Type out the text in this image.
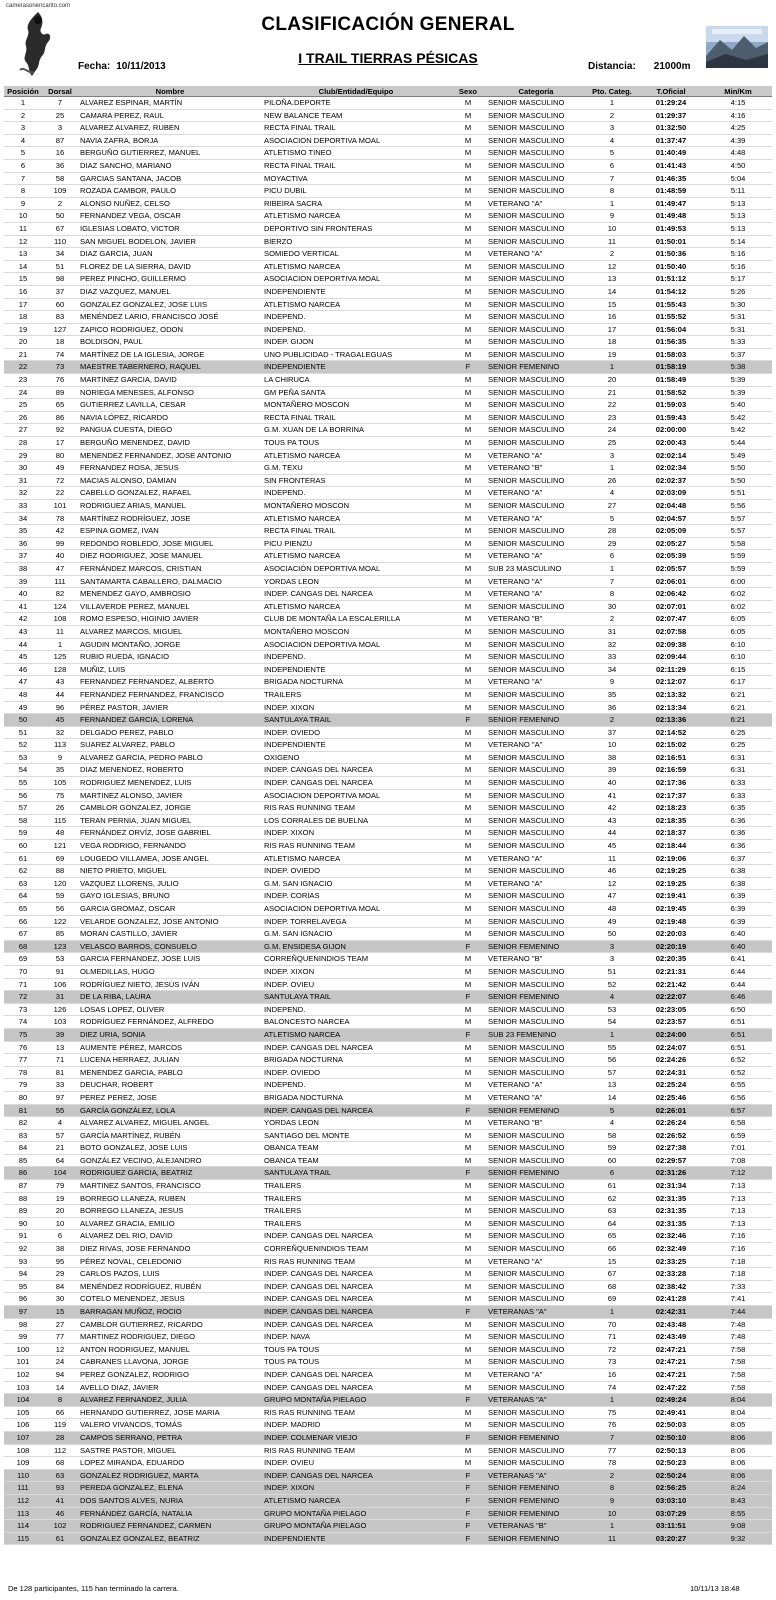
camerasonencanto.com
CLASIFICACIÓN GENERAL
I TRAIL TIERRAS PÉSICAS
Fecha: 10/11/2013	Distancia: 21000m
Posición	Dorsal	Nombre	Club/Entidad/Equipo	Sexo	Categoría	Pto. Categ.	T.Oficial	Min/Km
1	7	ALVAREZ ESPINAR, MARTÍN	PILOÑA.DEPORTE	M	SENIOR MASCULINO	1	01:29:24	4:15
2	25	CAMARA PEREZ, RAUL	NEW BALANCE TEAM	M	SENIOR MASCULINO	2	01:29:37	4:16
3	3	ALVAREZ ALVAREZ, RUBEN	RECTA FINAL TRAIL	M	SENIOR MASCULINO	3	01:32:50	4:25
4	87	NAVIA ZAFRA, BORJA	ASOCIACION DEPORTIVA MOAL	M	SENIOR MASCULINO	4	01:37:47	4:39
5	16	BERGUÑO GUTIERREZ, MANUEL	ATLETISMO TINEO	M	SENIOR MASCULINO	5	01:40:49	4:48
6	36	DIAZ SANCHO, MARIANO	RECTA FINAL TRAIL	M	SENIOR MASCULINO	6	01:41:43	4:50
7	58	GARCIAS SANTANA, JACOB	MOYACTIVA	M	SENIOR MASCULINO	7	01:46:35	5:04
8	109	ROZADA CAMBOR, PAULO	PICU DUBIL	M	SENIOR MASCULINO	8	01:48:59	5:11
9	2	ALONSO NUÑEZ, CELSO	RIBEIRA SACRA	M	VETERANO "A"	1	01:49:47	5:13
10	50	FERNANDEZ VEGA, OSCAR	ATLETISMO NARCEA	M	SENIOR MASCULINO	9	01:49:48	5:13
11	67	IGLESIAS LOBATO, VICTOR	DEPORTIVO SIN FRONTERAS	M	SENIOR MASCULINO	10	01:49:53	5:13
12	110	SAN MIGUEL BODELON, JAVIER	BIERZO	M	SENIOR MASCULINO	11	01:50:01	5:14
13	34	DIAZ GARCIA, JUAN	SOMIEDO VERTICAL	M	VETERANO "A"	2	01:50:36	5:16
14	51	FLOREZ DE LA SIERRA, DAVID	ATLETISMO NARCEA	M	SENIOR MASCULINO	12	01:50:40	5:16
15	98	PEREZ PINCHO, GUILLERMO	ASOCIACION DEPORTIVA MOAL	M	SENIOR MASCULINO	13	01:51:12	5:17
16	37	DIAZ VAZQUEZ, MANUEL	INDEPENDIENTE	M	SENIOR MASCULINO	14	01:54:12	5:26
17	60	GONZALEZ GONZALEZ, JOSE LUIS	ATLETISMO NARCEA	M	SENIOR MASCULINO	15	01:55:43	5:30
18	83	MENÉNDEZ LARIO, FRANCISCO JOSÉ	INDEPEND.	M	SENIOR MASCULINO	16	01:55:52	5:31
19	127	ZAPICO RODRIGUEZ, ODON	INDEPEND.	M	SENIOR MASCULINO	17	01:56:04	5:31
20	18	BOLDISON, PAUL	INDEP. GIJON	M	SENIOR MASCULINO	18	01:56:35	5:33
21	74	MARTÍNEZ DE LA IGLESIA, JORGE	UNO PUBLICIDAD - TRAGALEGUAS	M	SENIOR MASCULINO	19	01:58:03	5:37
22	73	MAESTRE TABERNERO, RAQUEL	INDEPENDIENTE	F	SENIOR FEMENINO	1	01:58:19	5:38
23	76	MARTINEZ GARCIA, DAVID	LA CHIRUCA	M	SENIOR MASCULINO	20	01:58:49	5:39
24	89	NORIEGA MENESES, ALFONSO	GM PEÑA SANTA	M	SENIOR MASCULINO	21	01:58:52	5:39
25	65	GUTIERREZ LAVILLA, CESAR	MONTAÑERO MOSCON	M	SENIOR MASCULINO	22	01:59:03	5:40
26	86	NAVIA LÓPEZ, RICARDO	RECTA FINAL TRAIL	M	SENIOR MASCULINO	23	01:59:43	5:42
27	92	PANGUA CUESTA, DIEGO	G.M. XUAN DE LA BORRINA	M	SENIOR MASCULINO	24	02:00:00	5:42
28	17	BERGUÑO MENENDEZ, DAVID	TOUS PA TOUS	M	SENIOR MASCULINO	25	02:00:43	5:44
29	80	MENENDEZ FERNANDEZ, JOSE ANTONIO	ATLETISMO NARCEA	M	VETERANO "A"	3	02:02:14	5:49
30	49	FERNANDEZ ROSA, JESUS	G.M. TEXU	M	VETERANO "B"	1	02:02:34	5:50
31	72	MACIAS ALONSO, DAMIAN	SIN FRONTERAS	M	SENIOR MASCULINO	26	02:02:37	5:50
32	22	CABELLO GONZALEZ, RAFAEL	INDEPEND.	M	VETERANO "A"	4	02:03:09	5:51
33	101	RODRIGUEZ ARIAS, MANUEL	MONTAÑERO MOSCON	M	SENIOR MASCULINO	27	02:04:48	5:56
34	78	MARTÍNEZ RODRÍGUEZ, JOSE	ATLETISMO NARCEA	M	VETERANO "A"	5	02:04:57	5:57
35	42	ESPINA GOMEZ, IVAN	RECTA FINAL TRAIL	M	SENIOR MASCULINO	28	02:05:09	5:57
36	99	REDONDO ROBLEDO, JOSE MIGUEL	PICU PIENZU	M	SENIOR MASCULINO	29	02:05:27	5:58
37	40	DIEZ RODRIGUEZ, JOSE MANUEL	ATLETISMO NARCEA	M	VETERANO "A"	6	02:05:39	5:59
38	47	FERNÁNDEZ MARCOS, CRISTIAN	ASOCIACIÓN DEPORTIVA MOAL	M	SUB 23 MASCULINO	1	02:05:57	5:59
39	111	SANTAMARTA CABALLERO, DALMACIO	YORDAS LEON	M	VETERANO "A"	7	02:06:01	6:00
40	82	MENENDEZ GAYO, AMBROSIO	INDEP. CANGAS DEL NARCEA	M	VETERANO "A"	8	02:06:42	6:02
41	124	VILLAVERDE PEREZ, MANUEL	ATLETISMO NARCEA	M	SENIOR MASCULINO	30	02:07:01	6:02
42	108	ROMO ESPESO, HIGINIO JAVIER	CLUB DE MONTAÑA LA ESCALERILLA	M	VETERANO "B"	2	02:07:47	6:05
43	11	ALVAREZ MARCOS, MIGUEL	MONTAÑERO MOSCON	M	SENIOR MASCULINO	31	02:07:58	6:05
44	1	AGUDIN MONTAÑO, JORGE	ASOCIACION DEPORTIVA MOAL	M	SENIOR MASCULINO	32	02:09:38	6:10
45	125	RUBIO RUEDA, IGNACIO	INDEPEND.	M	SENIOR MASCULINO	33	02:09:44	6:10
46	128	MUÑIZ, LUIS	INDEPENDIENTE	M	SENIOR MASCULINO	34	02:11:29	6:15
47	43	FERNANDEZ FERNANDEZ, ALBERTO	BRIGADA NOCTURNA	M	VETERANO "A"	9	02:12:07	6:17
48	44	FERNANDEZ FERNANDEZ, FRANCISCO	TRAILERS	M	SENIOR MASCULINO	35	02:13:32	6:21
49	96	PÉREZ PASTOR, JAVIER	INDEP. XIXON	M	SENIOR MASCULINO	36	02:13:34	6:21
50	45	FERNANDEZ GARCIA, LORENA	SANTULAYA TRAIL	F	SENIOR FEMENINO	2	02:13:36	6:21
51	32	DELGADO PEREZ, PABLO	INDEP. OVIEDO	M	SENIOR MASCULINO	37	02:14:52	6:25
52	113	SUAREZ ALVAREZ, PABLO	INDEPENDIENTE	M	VETERANO "A"	10	02:15:02	6:25
53	9	ALVAREZ GARCIA, PEDRO PABLO	OXIGENO	M	SENIOR MASCULINO	38	02:16:51	6:31
54	35	DIAZ MENENDEZ, ROBERTO	INDEP. CANGAS DEL NARCEA	M	SENIOR MASCULINO	39	02:16:59	6:31
55	105	RODRIGUEZ MENENDEZ, LUIS	INDEP. CANGAS DEL NARCEA	M	SENIOR MASCULINO	40	02:17:36	6:33
56	75	MARTINEZ ALONSO, JAVIER	ASOCIACION DEPORTIVA MOAL	M	SENIOR MASCULINO	41	02:17:37	6:33
57	26	CAMBLOR GONZALEZ, JORGE	RIS RAS RUNNING TEAM	M	SENIOR MASCULINO	42	02:18:23	6:35
58	115	TERAN PERNIA, JUAN MIGUEL	LOS CORRALES DE BUELNA	M	SENIOR MASCULINO	43	02:18:35	6:36
59	48	FERNÁNDEZ ORVÍZ, JOSE GABRIEL	INDEP. XIXON	M	SENIOR MASCULINO	44	02:18:37	6:36
60	121	VEGA RODRIGO, FERNANDO	RIS RAS RUNNING TEAM	M	SENIOR MASCULINO	45	02:18:44	6:36
61	69	LOUGEDO VILLAMEA, JOSE ANGEL	ATLETISMO NARCEA	M	VETERANO "A"	11	02:19:06	6:37
62	88	NIETO PRIETO, MIGUEL	INDEP. OVIEDO	M	SENIOR MASCULINO	46	02:19:25	6:38
63	120	VAZQUEZ LLORENS, JULIO	G.M. SAN IGNACIO	M	VETERANO "A"	12	02:19:25	6:38
64	59	GAYO IGLESIAS, BRUNO	INDEP. CORIAS	M	SENIOR MASCULINO	47	02:19:41	6:39
65	56	GARCIA GROMAZ, OSCAR	ASOCIACION DEPORTIVA MOAL	M	SENIOR MASCULINO	48	02:19:45	6:39
66	122	VELARDE GONZALEZ, JOSE ANTONIO	INDEP. TORRELAVEGA	M	SENIOR MASCULINO	49	02:19:48	6:39
67	85	MORAN CASTILLO, JAVIER	G.M. SAN IGNACIO	M	SENIOR MASCULINO	50	02:20:03	6:40
68	123	VELASCO BARROS, CONSUELO	G.M. ENSIDESA GIJON	F	SENIOR FEMENINO	3	02:20:19	6:40
69	53	GARCIA FERNANDEZ, JOSE LUIS	CORREÑQUENINDIOS TEAM	M	VETERANO "B"	3	02:20:35	6:41
70	91	OLMEDILLAS, HUGO	INDEP. XIXON	M	SENIOR MASCULINO	51	02:21:31	6:44
71	106	RODRÍGUEZ NIETO, JESÚS IVÁN	INDEP. OVIEU	M	SENIOR MASCULINO	52	02:21:42	6:44
72	31	DE LA RIBA, LAURA	SANTULAYA TRAIL	F	SENIOR FEMENINO	4	02:22:07	6:46
73	126	LOSAS LOPEZ, OLIVER	INDEPEND.	M	SENIOR MASCULINO	53	02:23:05	6:50
74	103	RODRÍGUEZ FERNÁNDEZ, ALFREDO	BALONCESTO NARCEA	M	SENIOR MASCULINO	54	02:23:57	6:51
75	39	DIEZ URIA, SONIA	ATLETISMO NARCEA	F	SUB 23 FEMENINO	1	02:24:00	6:51
76	13	AUMENTE PÉREZ, MARCOS	INDEP. CANGAS DEL NARCEA	M	SENIOR MASCULINO	55	02:24:07	6:51
77	71	LUCENA HERRAEZ, JULIAN	BRIGADA NOCTURNA	M	SENIOR MASCULINO	56	02:24:26	6:52
78	81	MENENDEZ GARCIA, PABLO	INDEP. OVIEDO	M	SENIOR MASCULINO	57	02:24:31	6:52
79	33	DEUCHAR, ROBERT	INDEPEND.	M	VETERANO "A"	13	02:25:24	6:55
80	97	PEREZ PEREZ, JOSE	BRIGADA NOCTURNA	M	VETERANO "A"	14	02:25:46	6:56
81	55	GARCÍA GONZÁLEZ, LOLA	INDEP. CANGAS DEL NARCEA	F	SENIOR FEMENINO	5	02:26:01	6:57
82	4	ALVAREZ ALVAREZ, MIGUEL ANGEL	YORDAS LEON	M	VETERANO "B"	4	02:26:24	6:58
83	57	GARCÍA MARTÍNEZ, RUBÉN	SANTIAGO DEL MONTE	M	SENIOR MASCULINO	58	02:26:52	6:59
84	21	BOTO GONZALEZ, JOSE LUIS	OBANCA TEAM	M	SENIOR MASCULINO	59	02:27:38	7:01
85	64	GONZÁLEZ VECINO, ALEJANDRO	OBANCA TEAM	M	SENIOR MASCULINO	60	02:29:57	7:08
86	104	RODRIGUEZ GARCIA, BEATRIZ	SANTULAYA TRAIL	F	SENIOR FEMENINO	6	02:31:26	7:12
87	79	MARTINEZ SANTOS, FRANCISCO	TRAILERS	M	SENIOR MASCULINO	61	02:31:34	7:13
88	19	BORREGO LLANEZA, RUBEN	TRAILERS	M	SENIOR MASCULINO	62	02:31:35	7:13
89	20	BORREGO LLANEZA, JESUS	TRAILERS	M	SENIOR MASCULINO	63	02:31:35	7:13
90	10	ALVAREZ GRACIA, EMILIO	TRAILERS	M	SENIOR MASCULINO	64	02:31:35	7:13
91	6	ALVAREZ DEL RIO, DAVID	INDEP. CANGAS DEL NARCEA	M	SENIOR MASCULINO	65	02:32:46	7:16
92	38	DIEZ RIVAS, JOSE FERNANDO	CORREÑQUENINDIOS TEAM	M	SENIOR MASCULINO	66	02:32:49	7:16
93	95	PÉREZ NOVAL, CELEDONIO	RIS RAS RUNNING TEAM	M	VETERANO "A"	15	02:33:25	7:18
94	29	CARLOS PAZOS, LUIS	INDEP. CANGAS DEL NARCEA	M	SENIOR MASCULINO	67	02:33:28	7:18
95	84	MENÉNDEZ RODRÍGUEZ, RUBÉN	INDEP. CANGAS DEL NARCEA	M	SENIOR MASCULINO	68	02:38:42	7:33
96	30	COTELO MENENDEZ, JESUS	INDEP. CANGAS DEL NARCEA	M	SENIOR MASCULINO	69	02:41:28	7:41
97	15	BARRAGAN MUÑOZ, ROCIO	INDEP. CANGAS DEL NARCEA	F	VETERANAS "A"	1	02:42:31	7:44
98	27	CAMBLOR GUTIERREZ, RICARDO	INDEP. CANGAS DEL NARCEA	M	SENIOR MASCULINO	70	02:43:48	7:48
99	77	MARTINEZ RODRIGUEZ, DIEGO	INDEP. NAVA	M	SENIOR MASCULINO	71	02:43:49	7:48
100	12	ANTON RODRIGUEZ, MANUEL	TOUS PA TOUS	M	SENIOR MASCULINO	72	02:47:21	7:58
101	24	CABRANES LLAVONA, JORGE	TOUS PA TOUS	M	SENIOR MASCULINO	73	02:47:21	7:58
102	94	PEREZ GONZALEZ, RODRIGO	INDEP. CANGAS DEL NARCEA	M	VETERANO "A"	16	02:47:21	7:58
103	14	AVELLO DIAZ, JAVIER	INDEP. CANGAS DEL NARCEA	M	SENIOR MASCULINO	74	02:47:22	7:58
104	8	ALVAREZ FERNANDEZ, JULIA	GRUPO MONTAÑA PIELAGO	F	VETERANAS "A"	1	02:49:24	8:04
105	66	HERNANDO GUTIERREZ, JOSE MARIA	RIS RAS RUNNING TEAM	M	SENIOR MASCULINO	75	02:49:41	8:04
106	119	VALERO VIVANCOS, TOMÁS	INDEP. MADRID	M	SENIOR MASCULINO	76	02:50:03	8:05
107	28	CAMPOS SERRANO, PETRA	INDEP. COLMENAR VIEJO	F	SENIOR FEMENINO	7	02:50:10	8:06
108	112	SASTRE PASTOR, MIGUEL	RIS RAS RUNNING TEAM	M	SENIOR MASCULINO	77	02:50:13	8:06
109	68	LOPEZ MIRANDA, EDUARDO	INDEP. OVIEU	M	SENIOR MASCULINO	78	02:50:23	8:06
110	63	GONZALEZ RODRIGUEZ, MARTA	INDEP. CANGAS DEL NARCEA	F	VETERANAS "A"	2	02:50:24	8:06
111	93	PEREDA GONZALEZ, ELENA	INDEP. XIXON	F	SENIOR FEMENINO	8	02:56:25	8:24
112	41	DOS SANTOS ALVES, NURIA	ATLETISMO NARCEA	F	SENIOR FEMENINO	9	03:03:10	8:43
113	46	FERNÁNDEZ GARCÍA, NATALIA	GRUPO MONTAÑA PIELAGO	F	SENIOR FEMENINO	10	03:07:29	8:55
114	102	RODRIGUEZ FERNANDEZ, CARMEN	GRUPO MONTAÑA PIELAGO	F	VETERANAS "B"	1	03:11:51	9:08
115	61	GONZALEZ GONZALEZ, BEATRIZ	INDEPENDIENTE	F	SENIOR FEMENINO	11	03:20:27	9:32
De 128 participantes, 115 han terminado la carrera.	10/11/13 18:48
